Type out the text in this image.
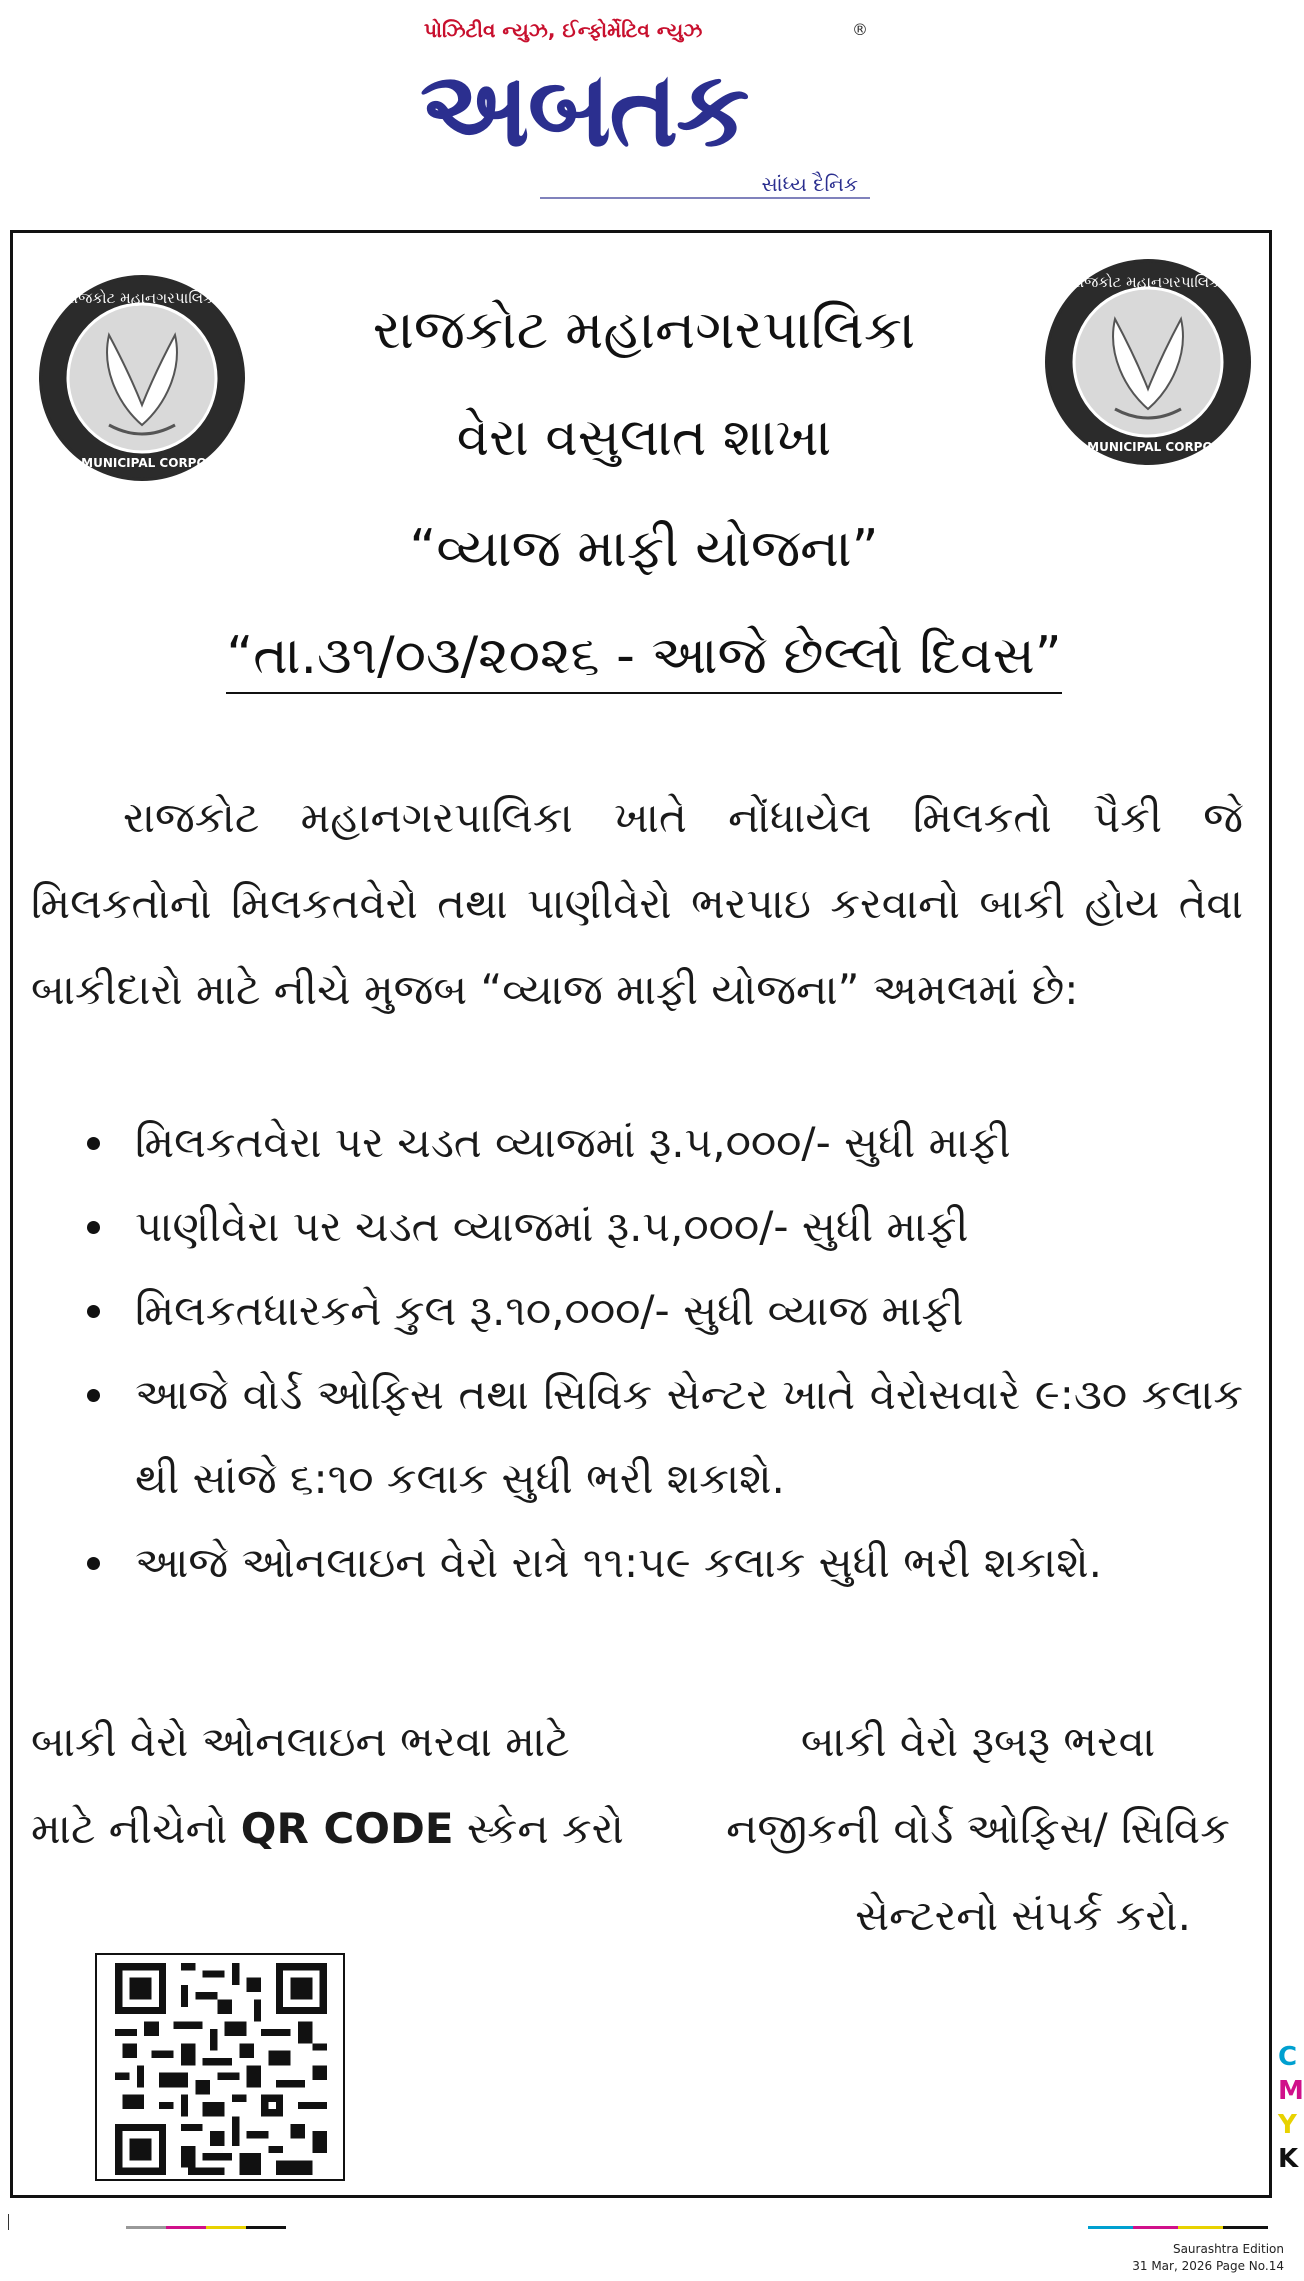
પોઝિટીવ ન્યુઝ, ઈન્ફોર્મેટિવ ન્યુઝ	®
અબતક
સાંધ્ય દૈનિક
રાજકોટ મહાનગરપાલિકા
RAJKOT MUNICIPAL CORPORATION
રાજકોટ મહાનગરપાલિકા
RAJKOT MUNICIPAL CORPORATION
રાજકોટ મહાનગરપાલિકા
વેરા વસુલાત શાખા
“વ્યાજ માફી યોજના”
“તા.૩૧/૦૩/૨૦૨૬ - આજે છેલ્લો દિવસ”
રાજકોટ મહાનગરપાલિકા ખાતે નોંધાયેલ મિલકતો પૈકી જે મિલકતોનો મિલકતવેરો તથા પાણીવેરો ભરપાઇ કરવાનો બાકી હોય તેવા બાકીદારો માટે નીચે મુજબ “વ્યાજ માફી યોજના” અમલમાં છે:
મિલકતવેરા પર ચડત વ્યાજમાં રૂ.૫,૦૦૦/- સુધી માફી
પાણીવેરા પર ચડત વ્યાજમાં રૂ.૫,૦૦૦/- સુધી માફી
મિલકતધારકને કુલ રૂ.૧૦,૦૦૦/- સુધી વ્યાજ માફી
આજે વોર્ડ ઓફિસ તથા સિવિક સેન્ટર ખાતે વેરોસવારે ૯:૩૦ કલાક થી સાંજે ૬:૧૦ કલાક સુધી ભરી શકાશે.
આજે ઓનલાઇન વેરો રાત્રે ૧૧:૫૯ કલાક સુધી ભરી શકાશે.
બાકી વેરો ઓનલાઇન ભરવા માટે
માટે નીચેનો QR CODE સ્કેન કરો
બાકી વેરો રૂબરૂ ભરવા
નજીકની વોર્ડ ઓફિસ/ સિવિક
સેન્ટરનો સંપર્ક કરો.
C
M
Y
K
Saurashtra Edition
31 Mar, 2026 Page No.14
